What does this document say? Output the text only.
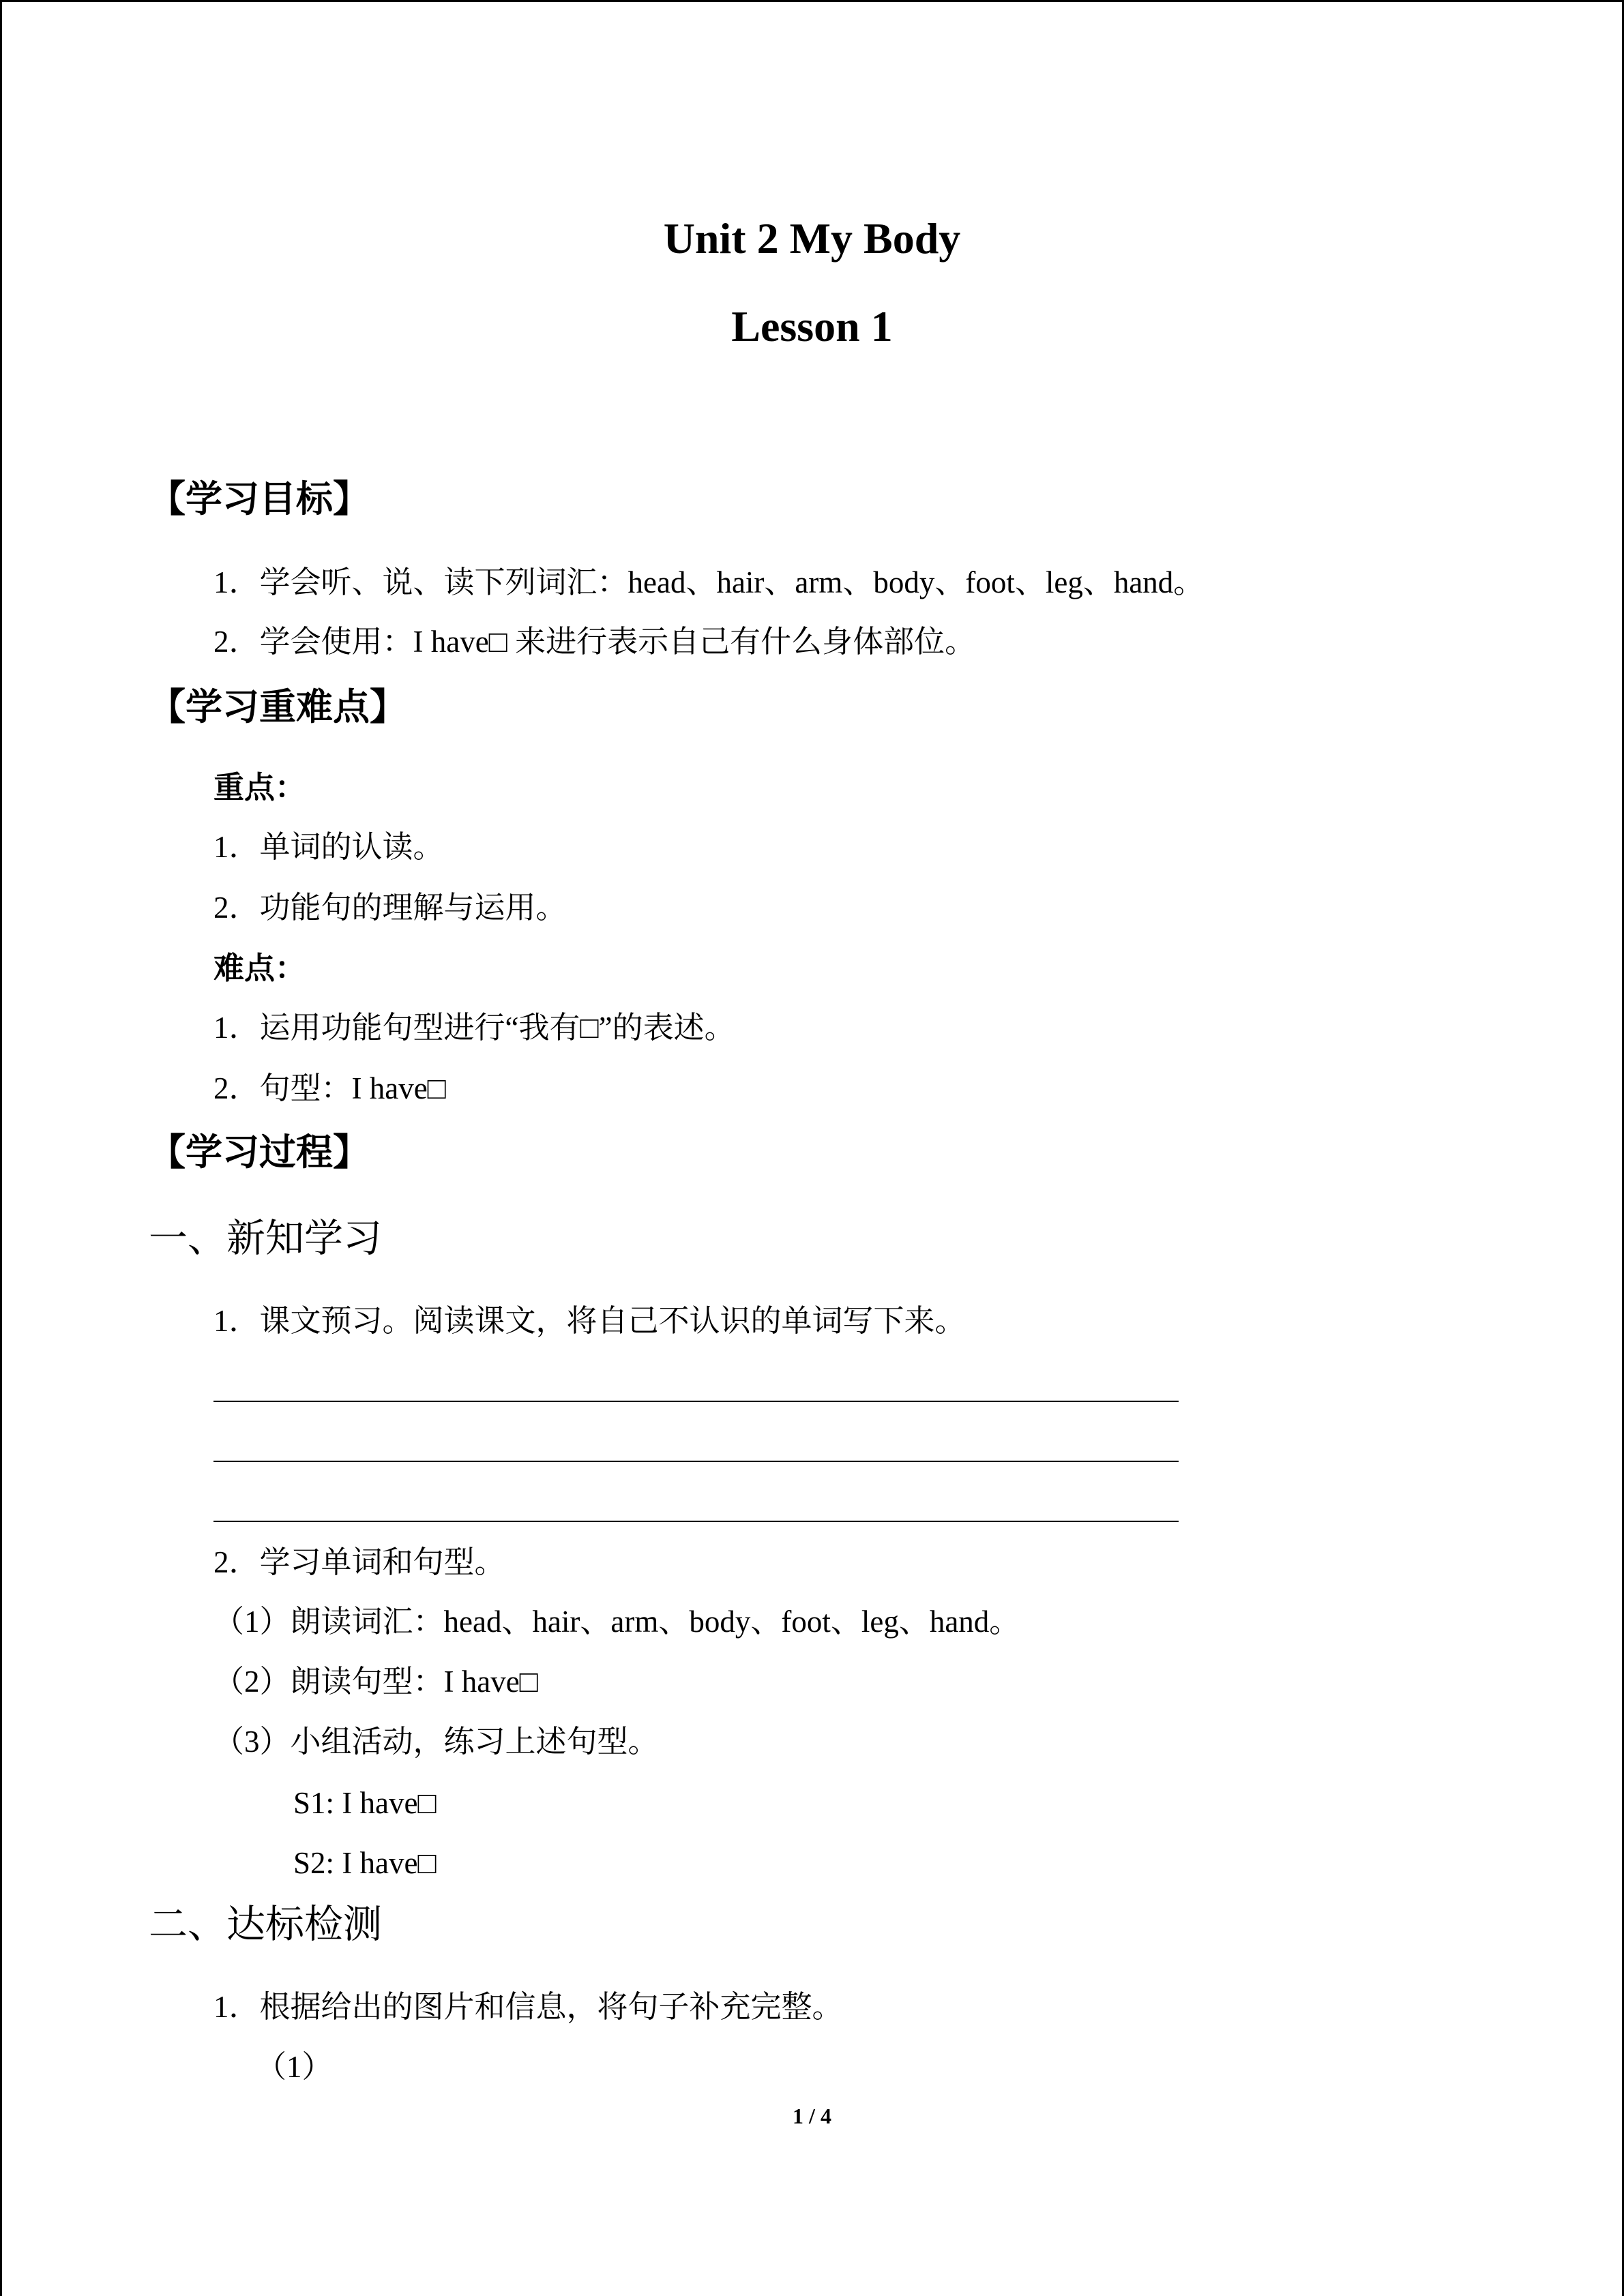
Unit 2 My Body
Lesson 1
【学习目标】
1．学会听、说、读下列词汇：head、hair、arm、body、foot、leg、hand。
2．学会使用：I have□ 来进行表示自己有什么身体部位。
【学习重难点】
重点：
1．单词的认读。
2．功能句的理解与运用。
难点：
1．运用功能句型进行“我有□”的表述。
2．句型：I have□
【学习过程】
一、新知学习
1．课文预习。阅读课文，将自己不认识的单词写下来。
2．学习单词和句型。
（1）朗读词汇：head、hair、arm、body、foot、leg、hand。
（2）朗读句型：I have□
（3）小组活动，练习上述句型。
S1: I have□
S2: I have□
二、达标检测
1．根据给出的图片和信息，将句子补充完整。
（1）
1 / 4
